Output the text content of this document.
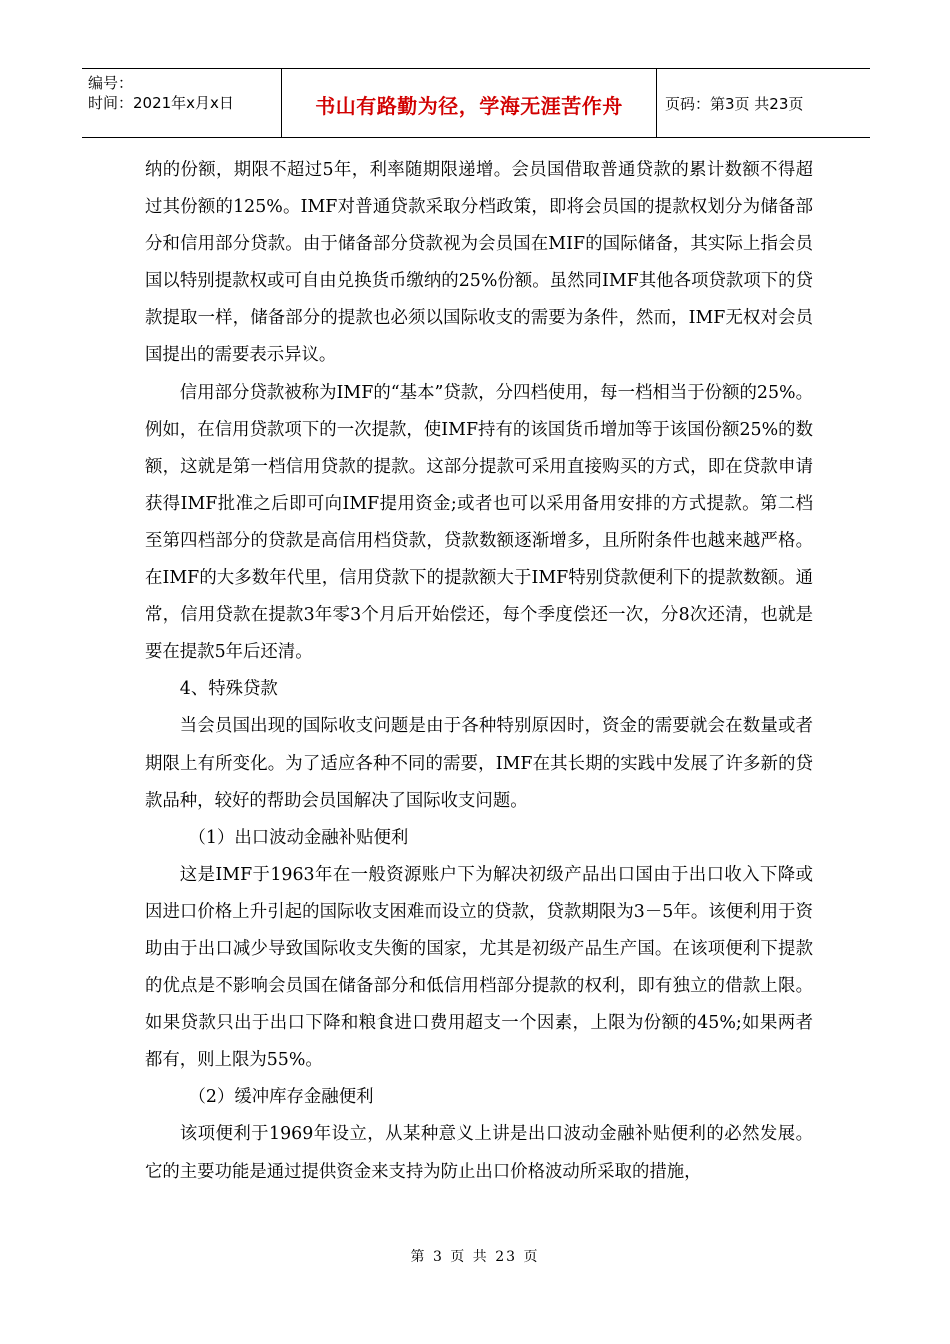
编号：
时间：2021年x月x日	书山有路勤为径，学海无涯苦作舟	页码：第3页 共23页

纳的份额，期限不超过5年，利率随期限递增。会员国借取普通贷款的累计数额不得超过其份额的125%。IMF对普通贷款采取分档政策，即将会员国的提款权划分为储备部分和信用部分贷款。由于储备部分贷款视为会员国在MIF的国际储备，其实际上指会员国以特别提款权或可自由兑换货币缴纳的25%份额。虽然同IMF其他各项贷款项下的贷款提取一样，储备部分的提款也必须以国际收支的需要为条件，然而，IMF无权对会员国提出的需要表示异议。

信用部分贷款被称为IMF的“基本”贷款，分四档使用，每一档相当于份额的25%。例如，在信用贷款项下的一次提款，使IMF持有的该国货币增加等于该国份额25%的数额，这就是第一档信用贷款的提款。这部分提款可采用直接购买的方式，即在贷款申请获得IMF批准之后即可向IMF提用资金;或者也可以采用备用安排的方式提款。第二档至第四档部分的贷款是高信用档贷款，贷款数额逐渐增多，且所附条件也越来越严格。在IMF的大多数年代里，信用贷款下的提款额大于IMF特别贷款便利下的提款数额。通常，信用贷款在提款3年零3个月后开始偿还，每个季度偿还一次，分8次还清，也就是要在提款5年后还清。

4、特殊贷款

当会员国出现的国际收支问题是由于各种特别原因时，资金的需要就会在数量或者期限上有所变化。为了适应各种不同的需要，IMF在其长期的实践中发展了许多新的贷款品种，较好的帮助会员国解决了国际收支问题。

（1）出口波动金融补贴便利

这是IMF于1963年在一般资源账户下为解决初级产品出口国由于出口收入下降或因进口价格上升引起的国际收支困难而设立的贷款，贷款期限为3－5年。该便利用于资助由于出口减少导致国际收支失衡的国家，尤其是初级产品生产国。在该项便利下提款的优点是不影响会员国在储备部分和低信用档部分提款的权利，即有独立的借款上限。如果贷款只出于出口下降和粮食进口费用超支一个因素，上限为份额的45%;如果两者都有，则上限为55%。

（2）缓冲库存金融便利

该项便利于1969年设立，从某种意义上讲是出口波动金融补贴便利的必然发展。它的主要功能是通过提供资金来支持为防止出口价格波动所采取的措施，

第 3 页 共 23 页
